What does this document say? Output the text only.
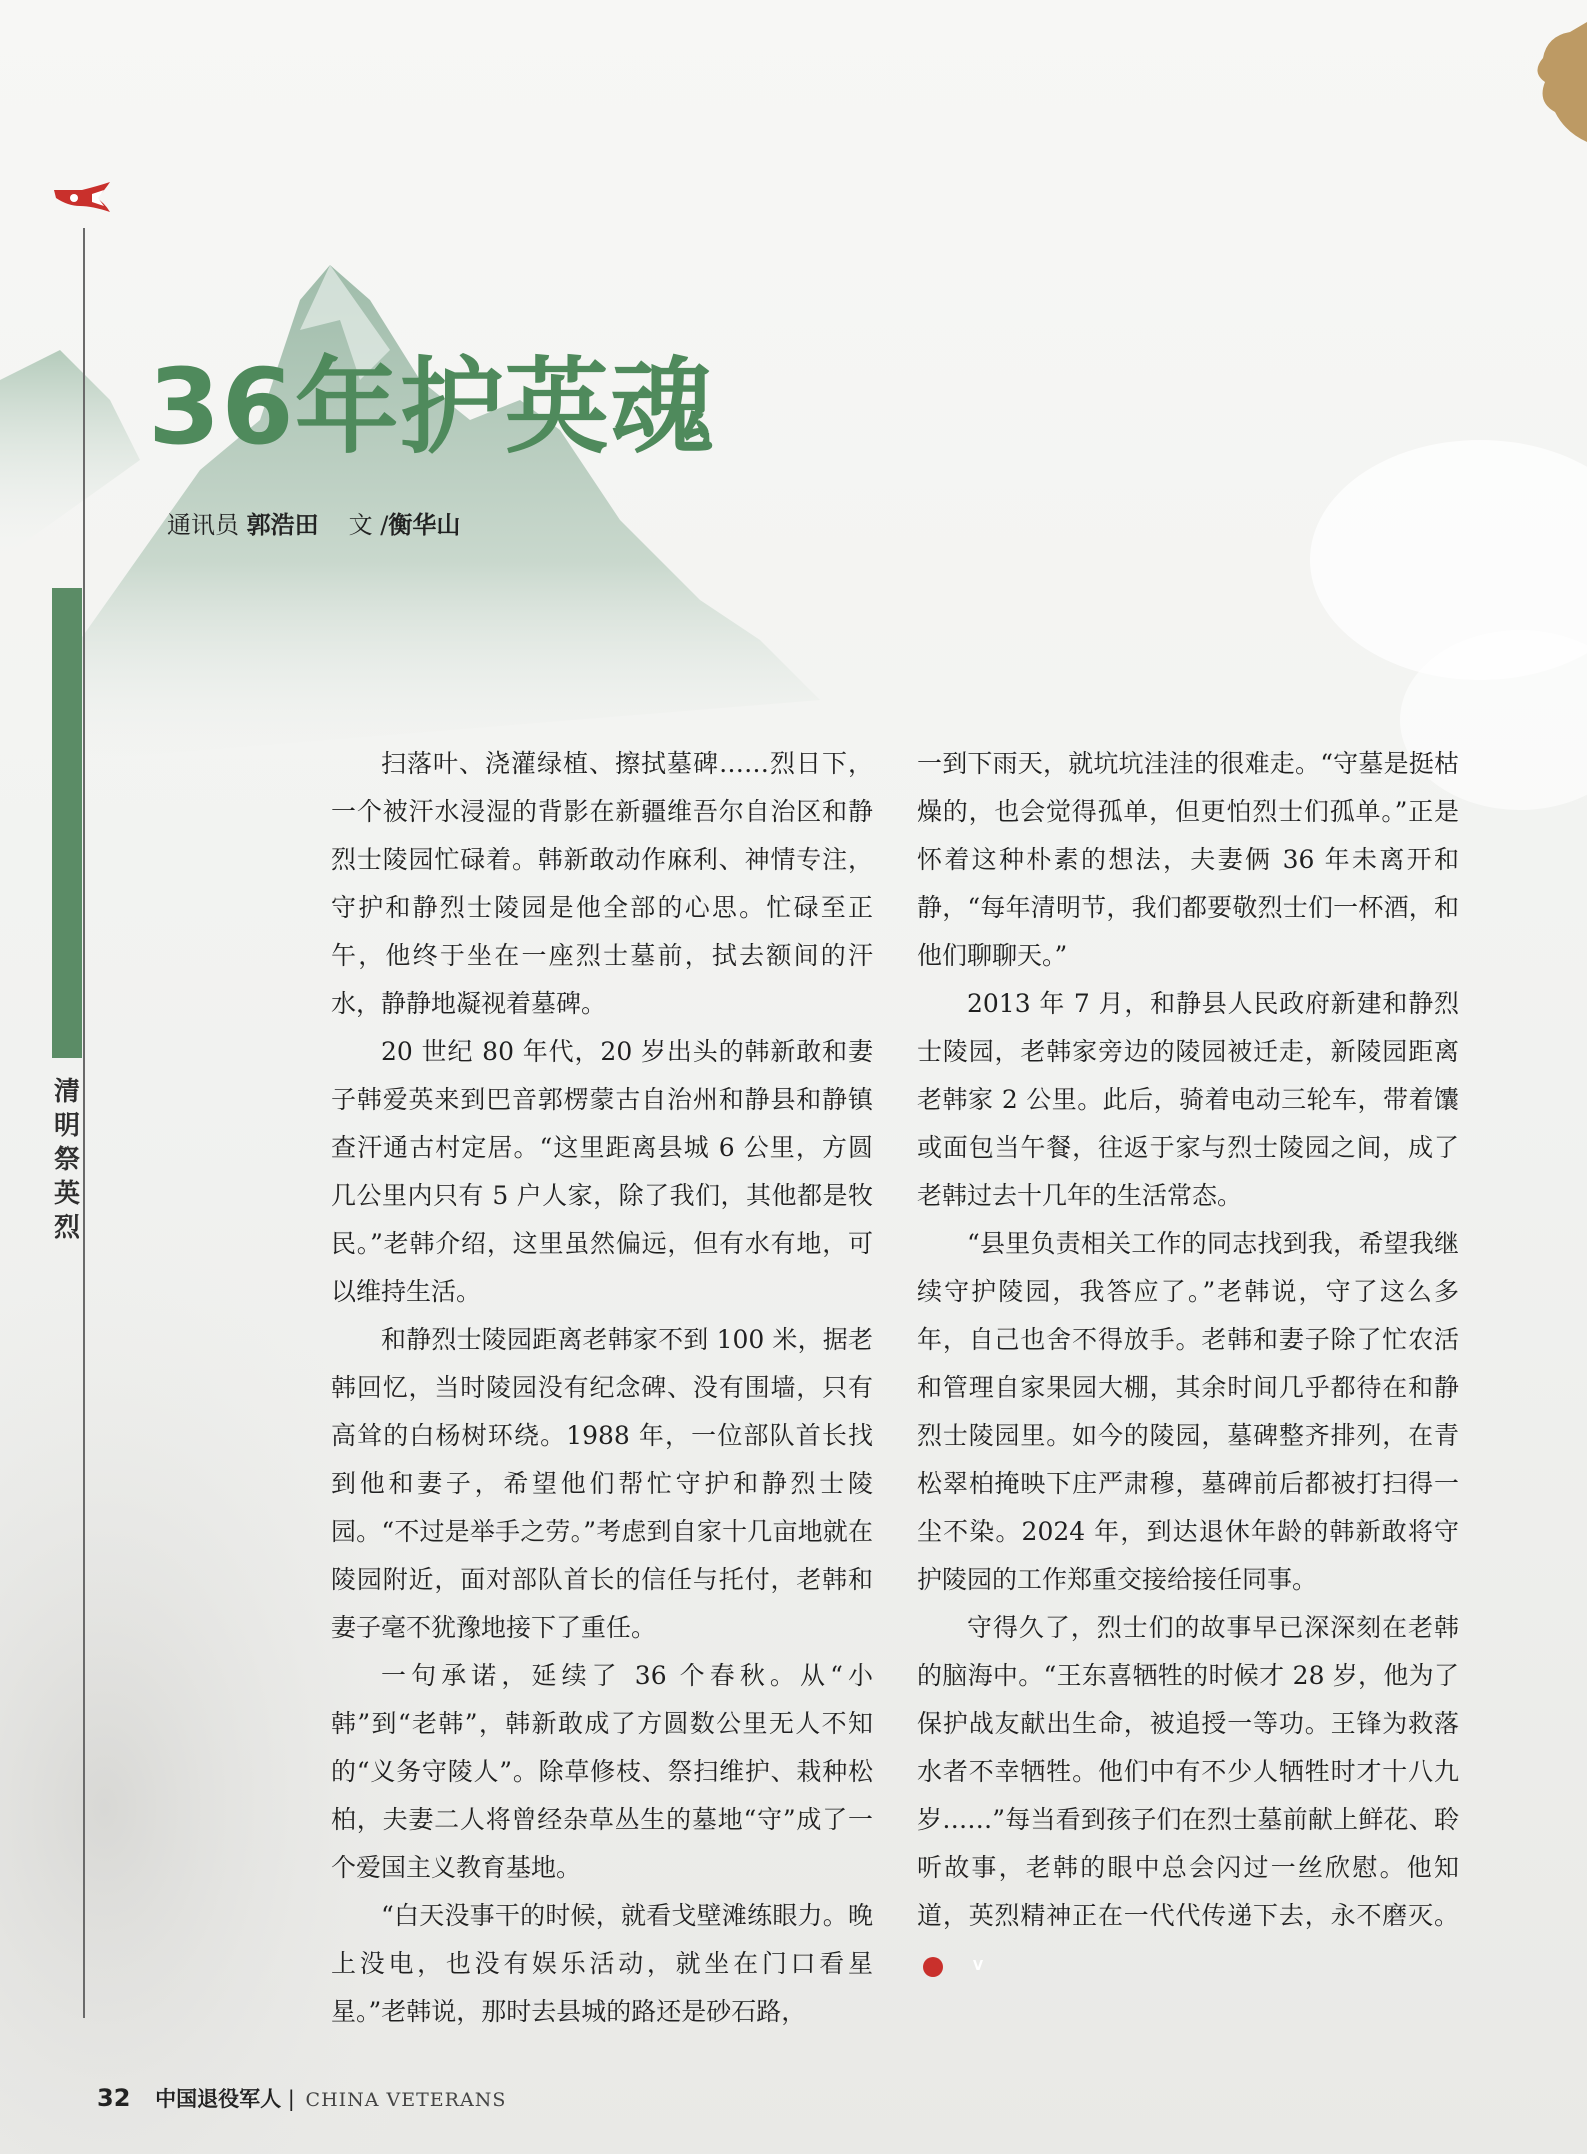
清
明
祭
英
烈
36年护英魂
通讯员 郭浩田 文 /衡华山

扫落叶、浇灌绿植、擦拭墓碑……烈日下，一个被汗水浸湿的背影在新疆维吾尔自治区和静烈士陵园忙碌着。韩新敢动作麻利、神情专注，守护和静烈士陵园是他全部的心思。忙碌至正午，他终于坐在一座烈士墓前，拭去额间的汗水，静静地凝视着墓碑。

20 世纪 80 年代，20 岁出头的韩新敢和妻子韩爱英来到巴音郭楞蒙古自治州和静县和静镇查汗通古村定居。“这里距离县城 6 公里，方圆几公里内只有 5 户人家，除了我们，其他都是牧民。”老韩介绍，这里虽然偏远，但有水有地，可以维持生活。

和静烈士陵园距离老韩家不到 100 米，据老韩回忆，当时陵园没有纪念碑、没有围墙，只有高耸的白杨树环绕。1988 年，一位部队首长找到他和妻子，希望他们帮忙守护和静烈士陵园。“不过是举手之劳。”考虑到自家十几亩地就在陵园附近，面对部队首长的信任与托付，老韩和妻子毫不犹豫地接下了重任。

一句承诺，延续了 36 个春秋。从“小韩”到“老韩”，韩新敢成了方圆数公里无人不知的“义务守陵人”。除草修枝、祭扫维护、栽种松柏，夫妻二人将曾经杂草丛生的墓地“守”成了一个爱国主义教育基地。

“白天没事干的时候，就看戈壁滩练眼力。晚上没电，也没有娱乐活动，就坐在门口看星星。”老韩说，那时去县城的路还是砂石路，

一到下雨天，就坑坑洼洼的很难走。“守墓是挺枯燥的，也会觉得孤单，但更怕烈士们孤单。”正是怀着这种朴素的想法，夫妻俩 36 年未离开和静，“每年清明节，我们都要敬烈士们一杯酒，和他们聊聊天。”

2013 年 7 月，和静县人民政府新建和静烈士陵园，老韩家旁边的陵园被迁走，新陵园距离老韩家 2 公里。此后，骑着电动三轮车，带着馕或面包当午餐，往返于家与烈士陵园之间，成了老韩过去十几年的生活常态。

“县里负责相关工作的同志找到我，希望我继续守护陵园，我答应了。”老韩说，守了这么多年，自己也舍不得放手。老韩和妻子除了忙农活和管理自家果园大棚，其余时间几乎都待在和静烈士陵园里。如今的陵园，墓碑整齐排列，在青松翠柏掩映下庄严肃穆，墓碑前后都被打扫得一尘不染。2024 年，到达退休年龄的韩新敢将守护陵园的工作郑重交接给接任同事。

守得久了，烈士们的故事早已深深刻在老韩的脑海中。“王东喜牺牲的时候才 28 岁，他为了保护战友献出生命，被追授一等功。王锋为救落水者不幸牺牲。他们中有不少人牺牲时才十八九岁……”每当看到孩子们在烈士墓前献上鲜花、聆听故事，老韩的眼中总会闪过一丝欣慰。他知道，英烈精神正在一代代传递下去，永不磨灭。V

32 中国退役军人 | CHINA VETERANS
